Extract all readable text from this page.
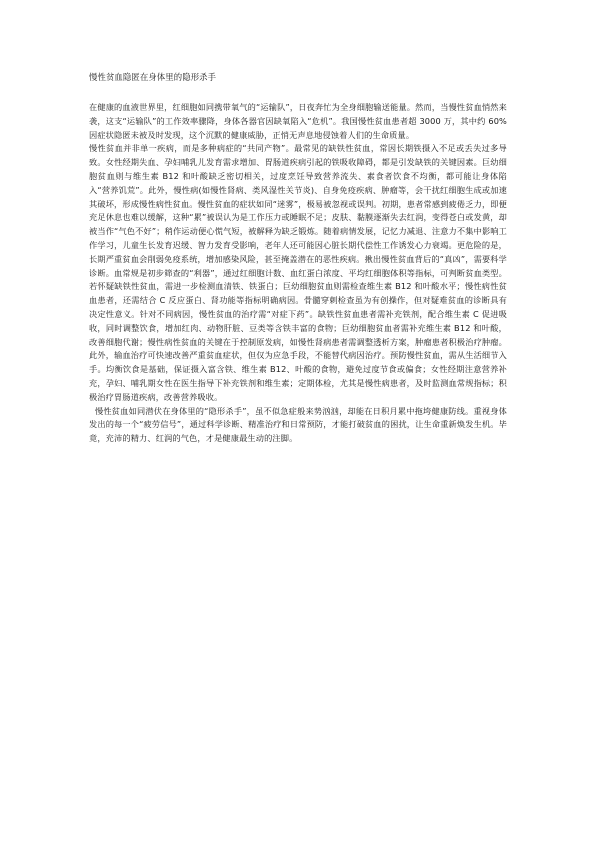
慢性贫血隐匿在身体里的隐形杀手

在健康的血液世界里，红细胞如同携带氧气的“运输队”，日夜奔忙为全身细胞输送能量。然而，当慢性贫血悄然来袭，这支“运输队”的工作效率骤降，身体各器官因缺氧陷入“危机”。我国慢性贫血患者超 3000 万，其中约 60%因症状隐匿未被及时发现，这个沉默的健康威胁，正悄无声息地侵蚀着人们的生命质量。

慢性贫血并非单一疾病，而是多种病症的“共同产物”。最常见的缺铁性贫血，常因长期铁摄入不足或丢失过多导致。女性经期失血、孕妇哺乳儿发育需求增加、胃肠道疾病引起的铁吸收障碍，都是引发缺铁的关键因素。巨幼细胞贫血则与维生素 B12 和叶酸缺乏密切相关，过度烹饪导致营养流失、素食者饮食不均衡，都可能让身体陷入“营养饥荒”。此外，慢性病(如慢性肾病、类风湿性关节炎)、自身免疫疾病、肿瘤等，会干扰红细胞生成或加速其破坏，形成慢性病性贫血。慢性贫血的症状如同“迷雾”，极易被忽视或误判。初期，患者常感到疲倦乏力，即便充足休息也难以缓解，这种“累”被误认为是工作压力或睡眠不足；皮肤、黏膜逐渐失去红润，变得苍白或发黄，却被当作“气色不好”；稍作运动便心慌气短，被解释为缺乏锻炼。随着病情发展，记忆力减退、注意力不集中影响工作学习，儿童生长发育迟缓、智力发育受影响，老年人还可能因心脏长期代偿性工作诱发心力衰竭。更危险的是，长期严重贫血会削弱免疫系统，增加感染风险，甚至掩盖潜在的恶性疾病。揪出慢性贫血背后的“真凶”，需要科学诊断。血常规是初步筛查的“利器”，通过红细胞计数、血红蛋白浓度、平均红细胞体积等指标，可判断贫血类型。若怀疑缺铁性贫血，需进一步检测血清铁、铁蛋白；巨幼细胞贫血则需检查维生素 B12 和叶酸水平；慢性病性贫血患者，还需结合 C 反应蛋白、肾功能等指标明确病因。骨髓穿刺检查虽为有创操作，但对疑难贫血的诊断具有决定性意义。针对不同病因，慢性贫血的治疗需“对症下药”。缺铁性贫血患者需补充铁剂，配合维生素 C 促进吸收，同时调整饮食，增加红肉、动物肝脏、豆类等含铁丰富的食物；巨幼细胞贫血者需补充维生素 B12 和叶酸，改善细胞代谢；慢性病性贫血的关键在于控制原发病，如慢性肾病患者需调整透析方案，肿瘤患者积极治疗肿瘤。此外，输血治疗可快速改善严重贫血症状，但仅为应急手段，不能替代病因治疗。预防慢性贫血，需从生活细节入手。均衡饮食是基础，保证摄入富含铁、维生素 B12、叶酸的食物，避免过度节食或偏食；女性经期注意营养补充，孕妇、哺乳期女性在医生指导下补充铁剂和维生素；定期体检，尤其是慢性病患者，及时监测血常规指标；积极治疗胃肠道疾病，改善营养吸收。

慢性贫血如同潜伏在身体里的“隐形杀手”，虽不似急症般来势汹汹，却能在日积月累中拖垮健康防线。重视身体发出的每一个“疲劳信号”，通过科学诊断、精准治疗和日常预防，才能打破贫血的困扰，让生命重新焕发生机。毕竟，充沛的精力、红润的气色，才是健康最生动的注脚。
